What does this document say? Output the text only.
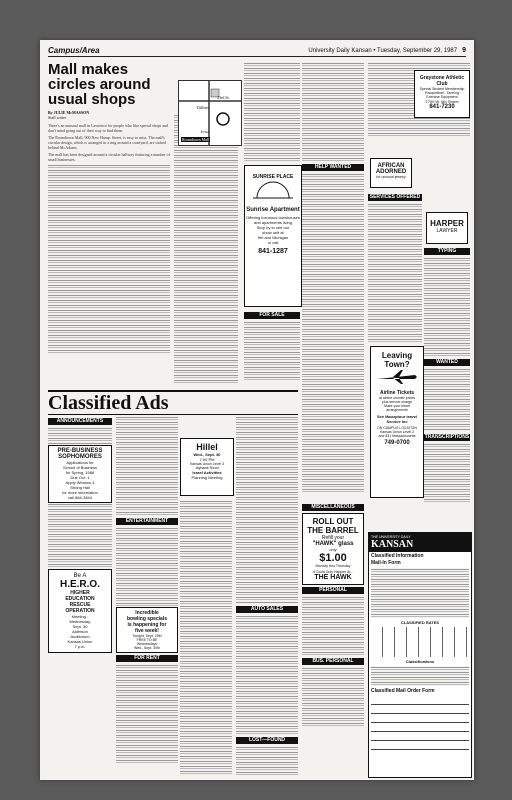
Campus/Area	University Daily Kansan • Tuesday, September 29, 1987 9
Mall makes circles around usual shops
By JULIE McMASSON
Staff writer

There's an unusual mall in Lawrence for people who like special shops and don't mind going out of their way to find them.

The Roundtown Mall, 900 New Hamp. Street, is easy to miss. The mall's circular design, which is arranged in a ring around a courtyard, are tucked behind McAdams.

The mall has been designed around a circular hallway featuring a number of small businesses.

23rd St.
Dillons
Iowa
Roundtown Mall
SUNRISE PLACE
Sunrise Apartment
Offering luxurious townhouses
and apartments living
Stop by to see our
show unit at
9th and Michigan
or call
841-1287
FOR SALE
HELP WANTED
Graystone Athletic Club
Special Student Membership
Racquetball - Tanning
Exercise Equipment
2700 W. 6th Street
841-7230
AFRICAN
ADORNED
for unusual jewelry
HARPER
LAWYER
SERVICES OFFERED
TYPING
WANTED
Leaving
Town?
Airline Tickets
at airline counter prices
plus service charge
Make your travel
arrangements
See Mauzptour travel
Service Inc
ON CAMPUS LOCATION
Kansas Union Level 2
and 831 Massachusetts
749-0700
TRANSCRIPTIONS
Classified Ads
ANNOUNCEMENTS
PRE-BUSINESS
SOPHOMORES
Applications for
School of Business
for Spring, 1988
Due Oct. 1
Apply Window 3
Strong Hall
for more information
call 864-3844
Be A
H.E.R.O.
HIGHER
EDUCATION
RESCUE
OPERATION
Meeting -
Wednesday,
Sept. 30
Alderson
Auditorium
Kansas Union
7 p.m.
ENTERTAINMENT
Incredible
bowling specials
is happening for
five week!
Tonight, Sept. 29th
FREE TO BE
Wednesdays
Wed., Sept. 30th
FOR RENT
Hillel
Wed., Sept. 30
7:00 PM
Kansas Union Level 3
Jayhawk Room
Israel Activities
Planning Meeting
AUTO SALES
LOST—FOUND
MISCELLANEOUS
ROLL OUT
THE BARREL
Refill your
"HAWK" glass
only
$1.00
Monday thru Thursday
It Could Only Happen At...
THE HAWK
PERSONAL
BUS. PERSONAL
THE UNIVERSITY DAILY
KANSAN
Classified Information
Mail-In Form
CLASSIFIED RATES
Classifications
Classified Mail Order Form
